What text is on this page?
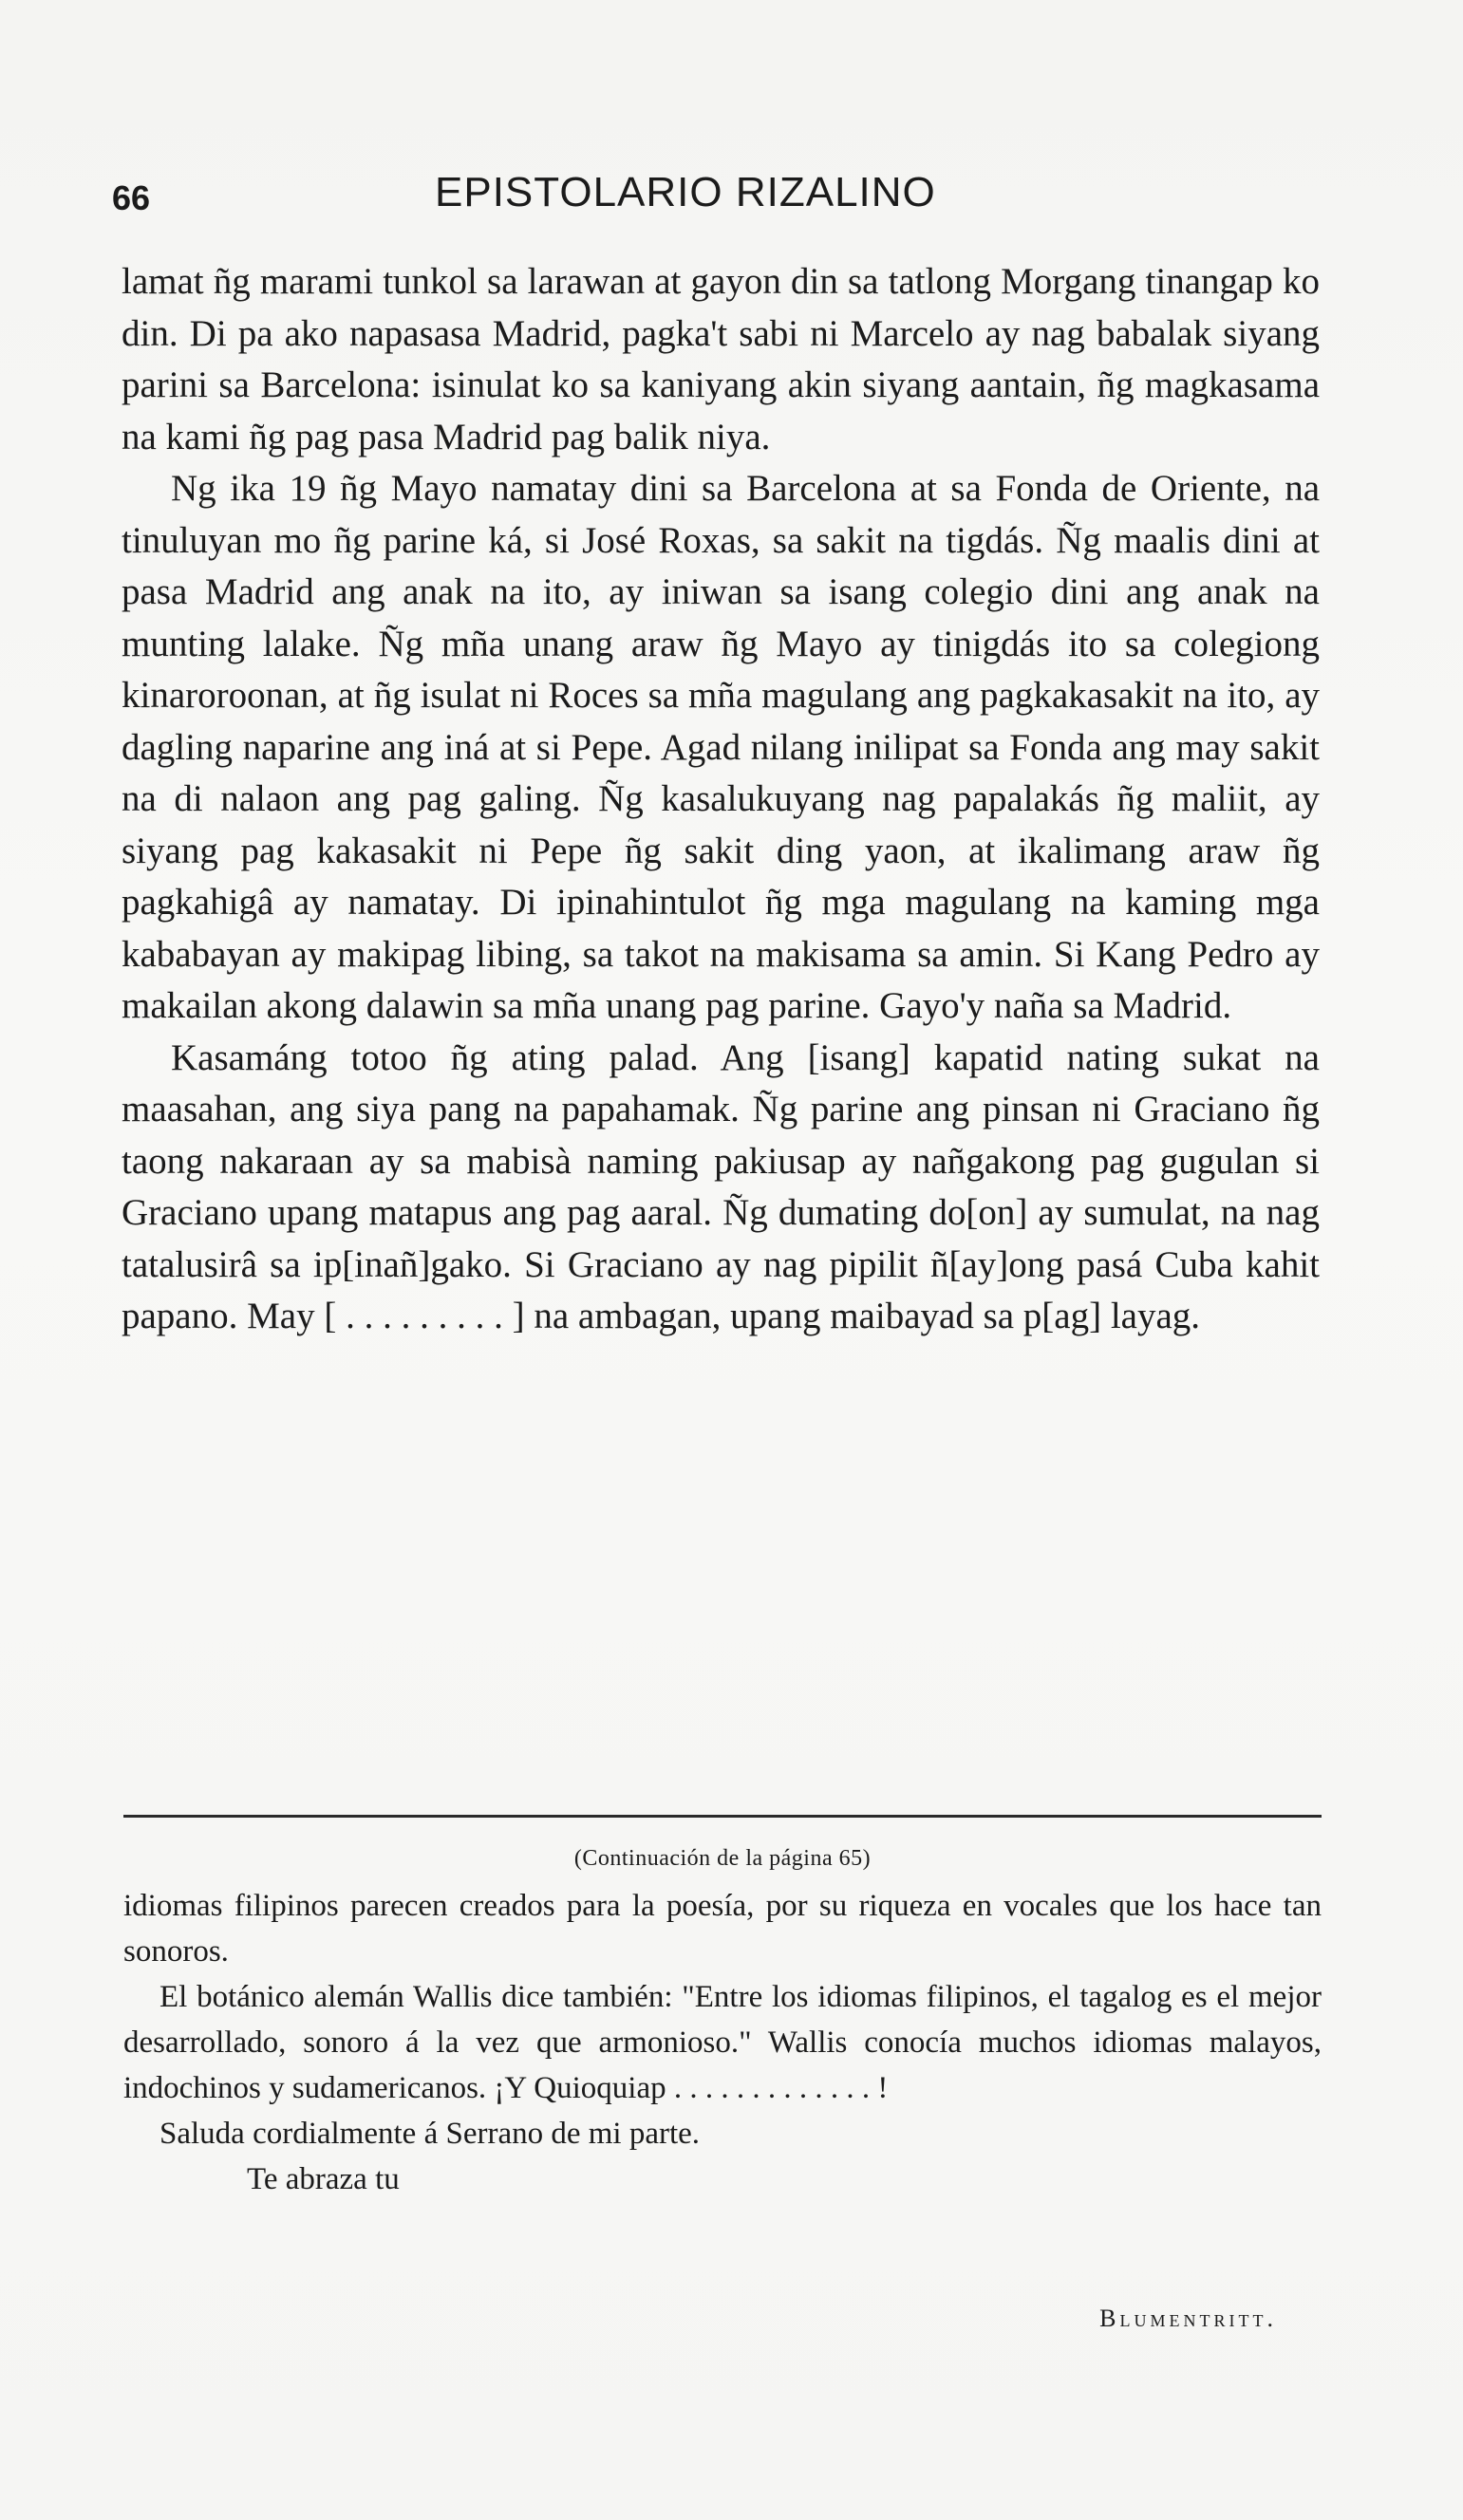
66	EPISTOLARIO RIZALINO

lamat ñg marami tunkol sa larawan at gayon din sa tatlong Morgang tinangap ko din. Di pa ako napasasa Madrid, pagka't sabi ni Marcelo ay nag babalak siyang parini sa Barcelona: isinulat ko sa kaniyang akin siyang aantain, ñg magkasama na kami ñg pag pasa Madrid pag balik niya.

Ng ika 19 ñg Mayo namatay dini sa Barcelona at sa Fonda de Oriente, na tinuluyan mo ñg parine ká, si José Roxas, sa sakit na tigdás. Ñg maalis dini at pasa Madrid ang anak na ito, ay iniwan sa isang colegio dini ang anak na munting lalake. Ñg mña unang araw ñg Mayo ay tinigdás ito sa colegiong kinaroroonan, at ñg isulat ni Roces sa mña magulang ang pagkakasakit na ito, ay dagling naparine ang iná at si Pepe. Agad nilang inilipat sa Fonda ang may sakit na di nalaon ang pag galing. Ñg kasalukuyang nag papalakás ñg maliit, ay siyang pag kakasakit ni Pepe ñg sakit ding yaon, at ikalimang araw ñg pagkahigâ ay namatay. Di ipinahintulot ñg mga magulang na kaming mga kababayan ay makipag libing, sa takot na makisama sa amin. Si Kang Pedro ay makailan akong dalawin sa mña unang pag parine. Gayo'y naña sa Madrid.

Kasamáng totoo ñg ating palad. Ang [isang] kapatid nating sukat na maasahan, ang siya pang na papahamak. Ñg parine ang pinsan ni Graciano ñg taong nakaraan ay sa mabisà naming pakiusap ay nañgakong pag gugulan si Graciano upang matapus ang pag aaral. Ñg dumating do[on] ay sumulat, na nag tatalusirâ sa ip[inañ]gako. Si Graciano ay nag pipilit ñ[ay]ong pasá Cuba kahit papano. May [ . . . . . . . . . ] na ambagan, upang maibayad sa p[ag] layag.

(Continuación de la página 65)

idiomas filipinos parecen creados para la poesía, por su riqueza en vocales que los hace tan sonoros.

El botánico alemán Wallis dice también: "Entre los idiomas filipinos, el tagalog es el mejor desarrollado, sonoro á la vez que armonioso." Wallis conocía muchos idiomas malayos, indochinos y sudamericanos. ¡Y Quioquiap . . . . . . . . . . . . . !

Saluda cordialmente á Serrano de mi parte.

Te abraza tu

Blumentritt.
